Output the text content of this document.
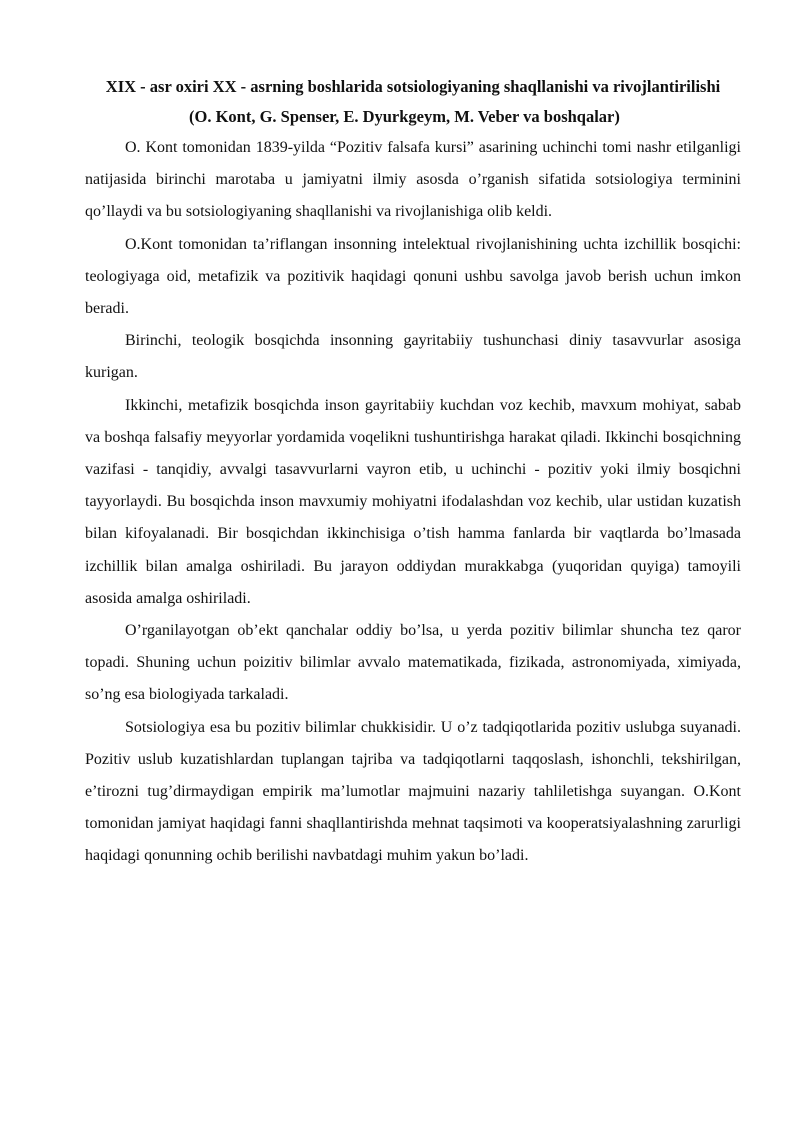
XIX - asr oxiri XX - asrning boshlarida sotsiologiyaning shaqllanishi va rivojlantirilishi

(O. Kont, G. Spenser, E. Dyurkgeym, M. Veber va boshqalar)

O. Kont tomonidan 1839-yilda “Pozitiv falsafa kursi” asarining uchinchi tomi nashr etilganligi natijasida birinchi marotaba u jamiyatni ilmiy asosda o’rganish sifatida sotsiologiya terminini qo’llaydi va bu sotsiologiyaning shaqllanishi va rivojlanishiga olib keldi.

O.Kont tomonidan ta’riflangan insonning intelektual rivojlanishining uchta izchillik bosqichi: teologiyaga oid, metafizik va pozitivik haqidagi qonuni ushbu savolga javob berish uchun imkon beradi.

Birinchi, teologik bosqichda insonning gayritabiiy tushunchasi diniy tasavvurlar asosiga kurigan.

Ikkinchi, metafizik bosqichda inson gayritabiiy kuchdan voz kechib, mavxum mohiyat, sabab va boshqa falsafiy meyyorlar yordamida voqelikni tushuntirishga harakat qiladi. Ikkinchi bosqichning vazifasi - tanqidiy, avvalgi tasavvurlarni vayron etib, u uchinchi - pozitiv yoki ilmiy bosqichni tayyorlaydi. Bu bosqichda inson mavxumiy mohiyatni ifodalashdan voz kechib, ular ustidan kuzatish bilan kifoyalanadi. Bir bosqichdan ikkinchisiga o’tish hamma fanlarda bir vaqtlarda bo’lmasada izchillik bilan amalga oshiriladi. Bu jarayon oddiydan murakkabga (yuqoridan quyiga) tamoyili asosida amalga oshiriladi.

O’rganilayotgan ob’ekt qanchalar oddiy bo’lsa, u yerda pozitiv bilimlar shuncha tez qaror topadi. Shuning uchun poizitiv bilimlar avvalo matematikada, fizikada, astronomiyada, ximiyada, so’ng esa biologiyada tarkaladi.

Sotsiologiya esa bu pozitiv bilimlar chukkisidir. U o’z tadqiqotlarida pozitiv uslubga suyanadi. Pozitiv uslub kuzatishlardan tuplangan tajriba va tadqiqotlarni taqqoslash, ishonchli, tekshirilgan, e’tirozni tug’dirmaydigan empirik ma’lumotlar majmuini nazariy tahliletishga suyangan. O.Kont tomonidan jamiyat haqidagi fanni shaqllantirishda mehnat taqsimoti va kooperatsiyalashning zarurligi haqidagi qonunning ochib berilishi navbatdagi muhim yakun bo’ladi.
